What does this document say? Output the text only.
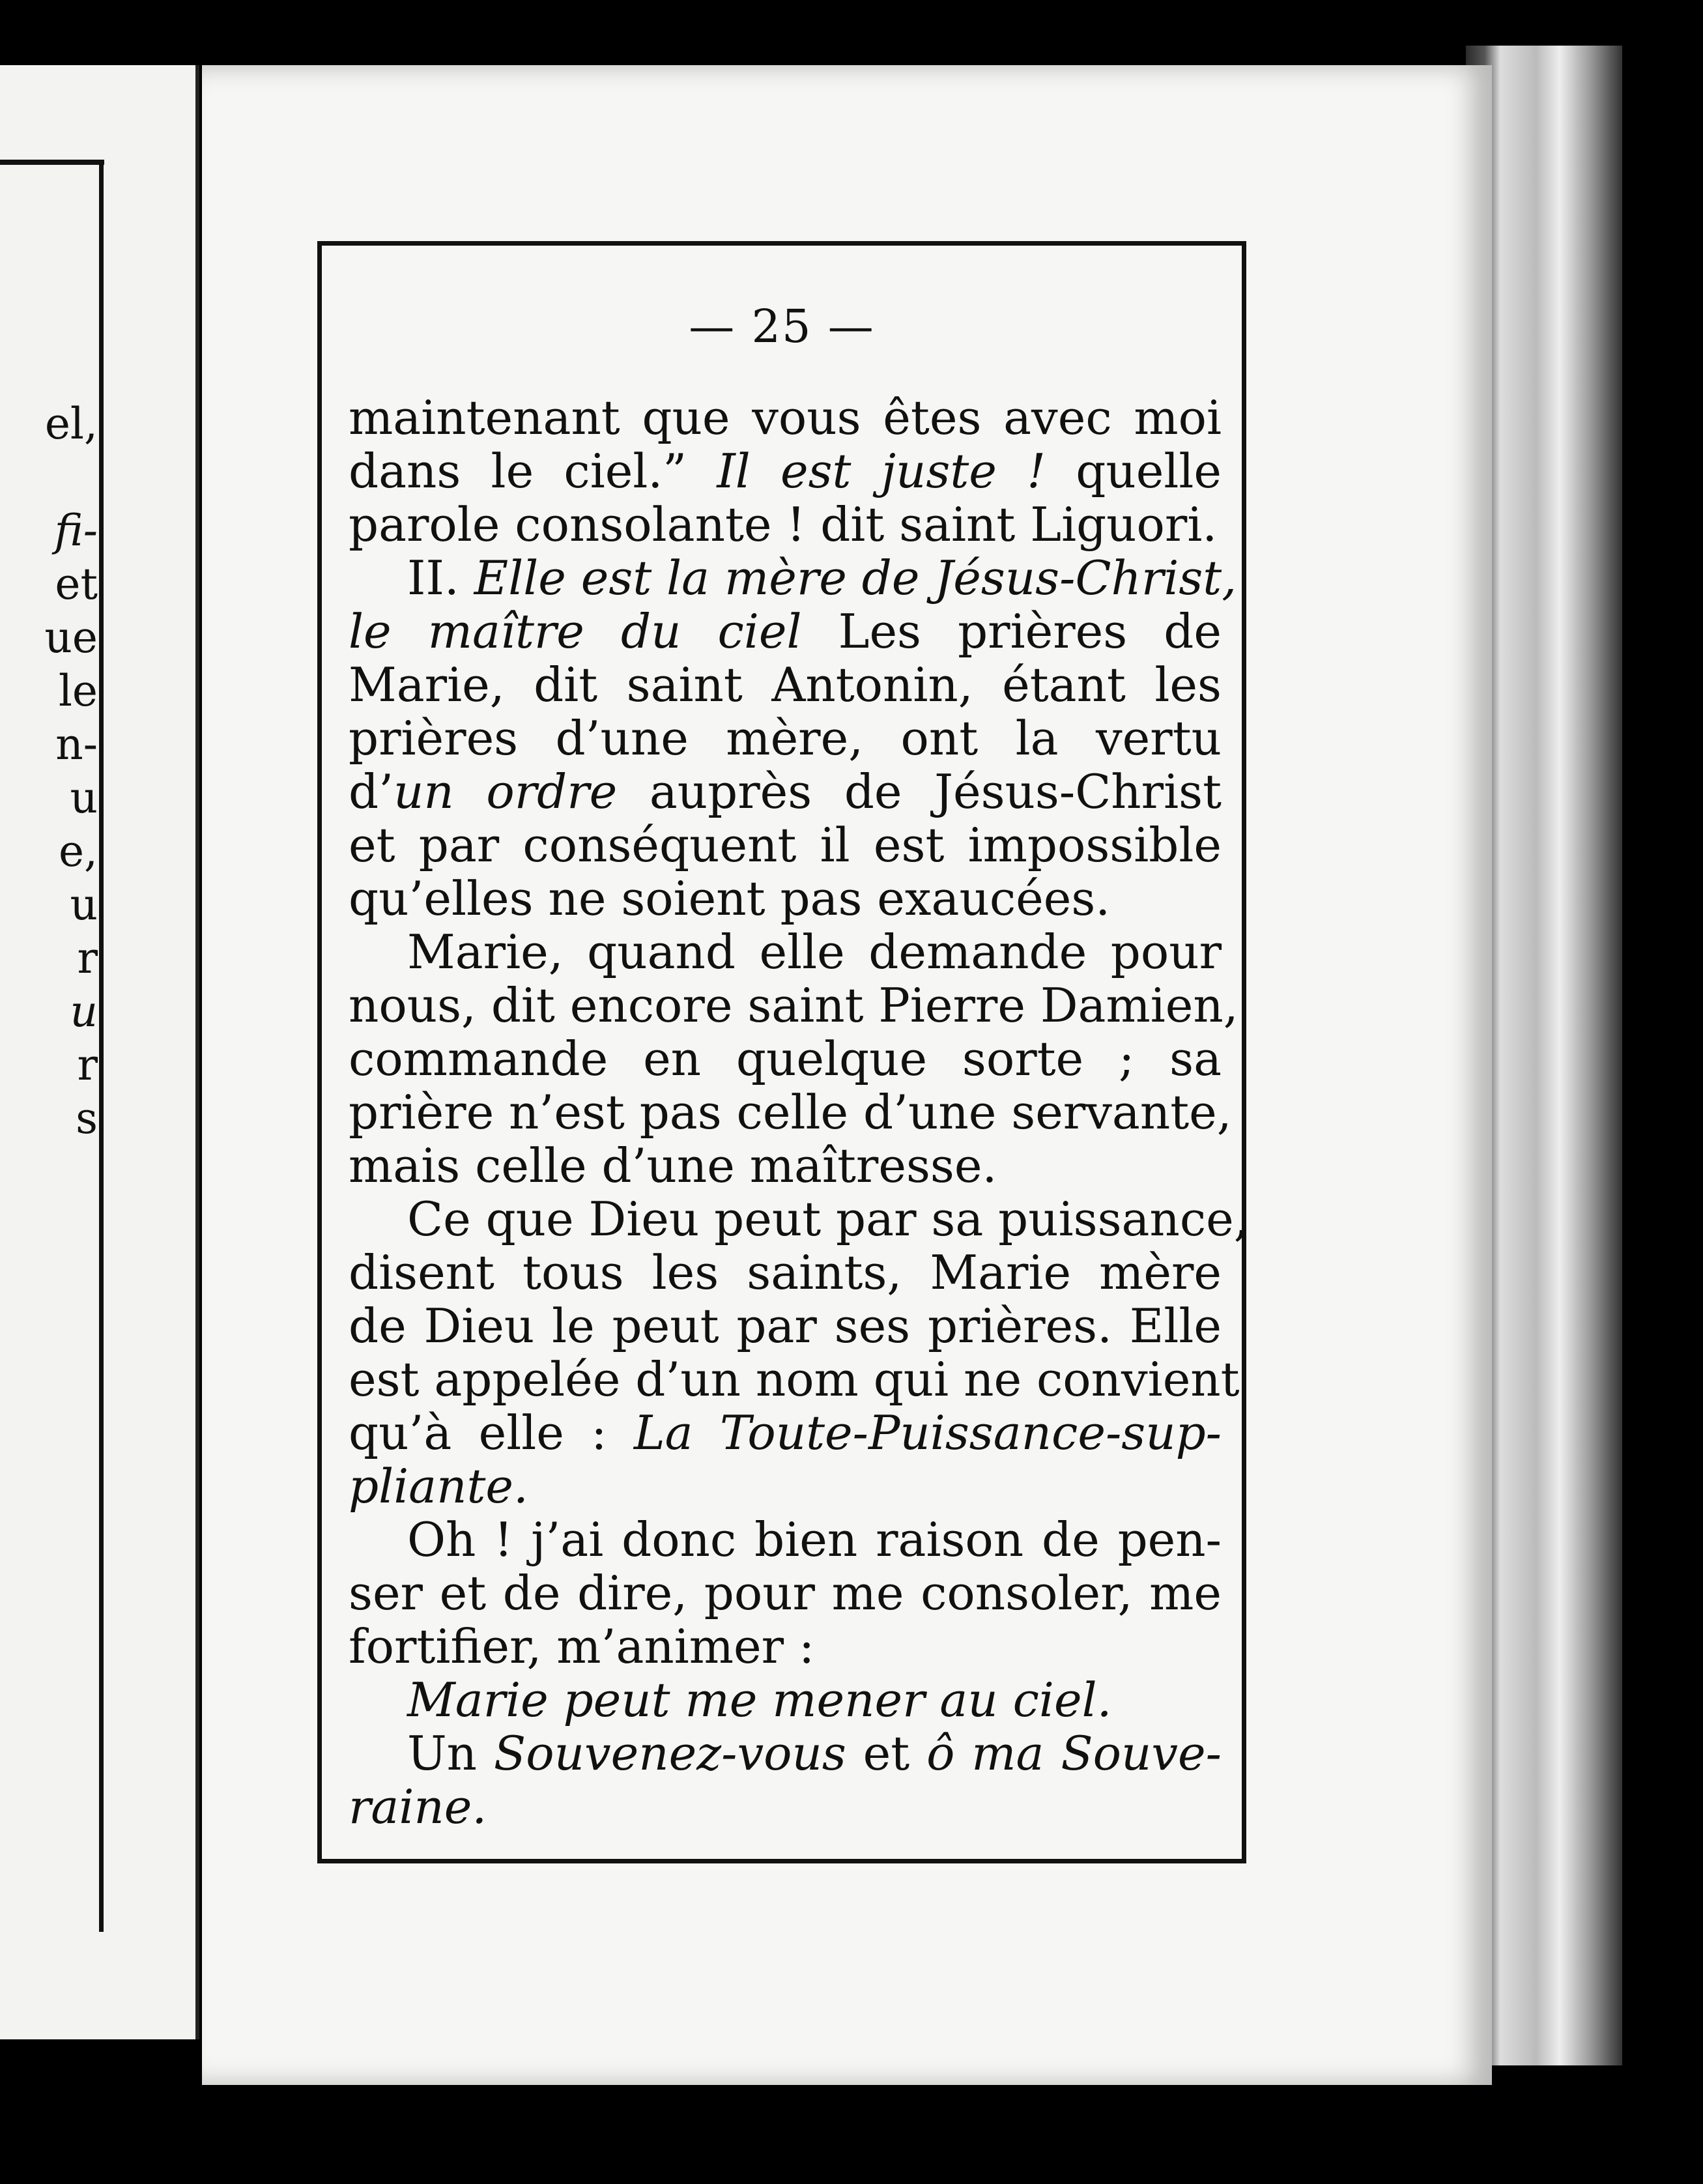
el,
fi-
et
ue
le
n-
u
e,
u
r
u
r
s
— 25 —
maintenant que vous êtes avec moi
dans le ciel.” Il est juste ! quelle
parole consolante ! dit saint Liguori.
II. Elle est la mère de Jésus-Christ,
le maître du ciel Les prières de
Marie, dit saint Antonin, étant les
prières d’une mère, ont la vertu
d’un ordre auprès de Jésus-Christ
et par conséquent il est impossible
qu’elles ne soient pas exaucées.
Marie, quand elle demande pour
nous, dit encore saint Pierre Damien,
commande en quelque sorte ; sa
prière n’est pas celle d’une servante,
mais celle d’une maîtresse.
Ce que Dieu peut par sa puissance,
disent tous les saints, Marie mère
de Dieu le peut par ses prières. Elle
est appelée d’un nom qui ne convient
qu’à elle : La Toute-Puissance-sup-
pliante.
Oh ! j’ai donc bien raison de pen-
ser et de dire, pour me consoler, me
fortifier, m’animer :
Marie peut me mener au ciel.
Un Souvenez-vous et ô ma Souve-
raine.
